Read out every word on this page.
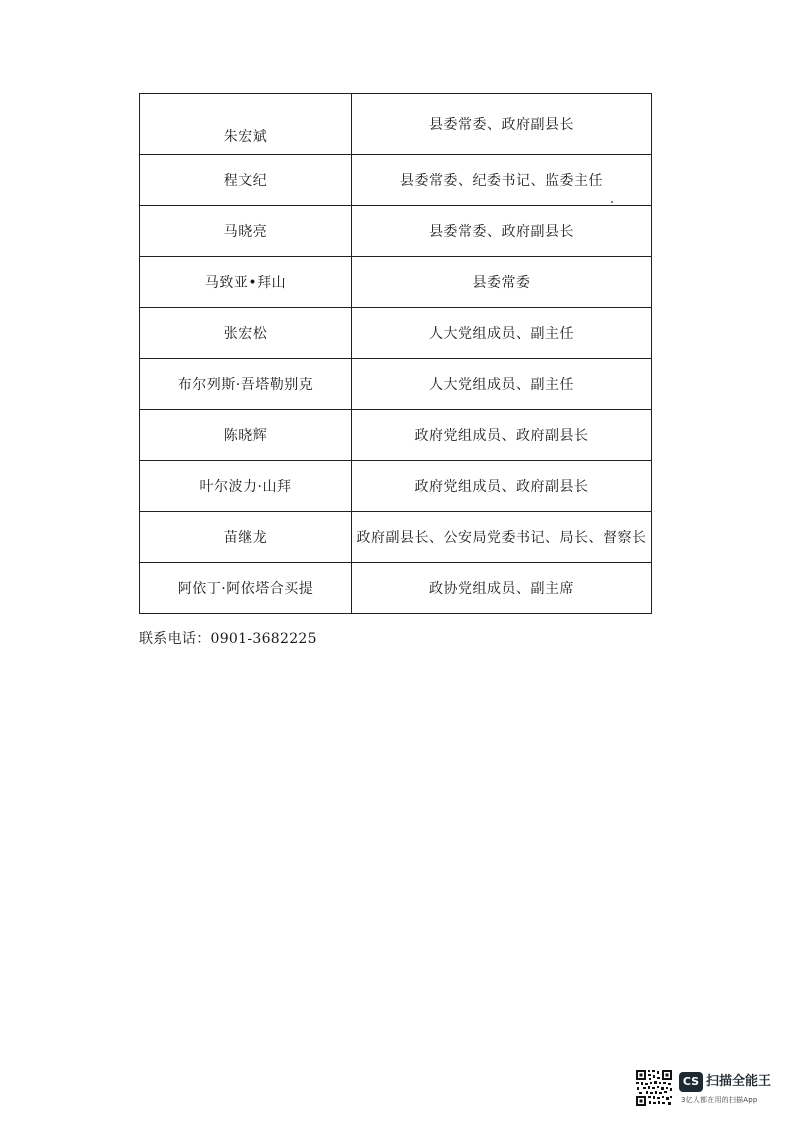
朱宏斌	县委常委、政府副县长
程文纪	县委常委、纪委书记、监委主任
马晓亮	县委常委、政府副县长
马致亚•拜山	县委常委
张宏松	人大党组成员、副主任
布尔列斯·吾塔勒别克	人大党组成员、副主任
陈晓辉	政府党组成员、政府副县长
叶尔波力·山拜	政府党组成员、政府副县长
苗继龙	政府副县长、公安局党委书记、局长、督察长
阿依丁·阿依塔合买提	政协党组成员、副主席
联系电话：0901-3682225
CS 扫描全能王
3亿人都在用的扫描App
